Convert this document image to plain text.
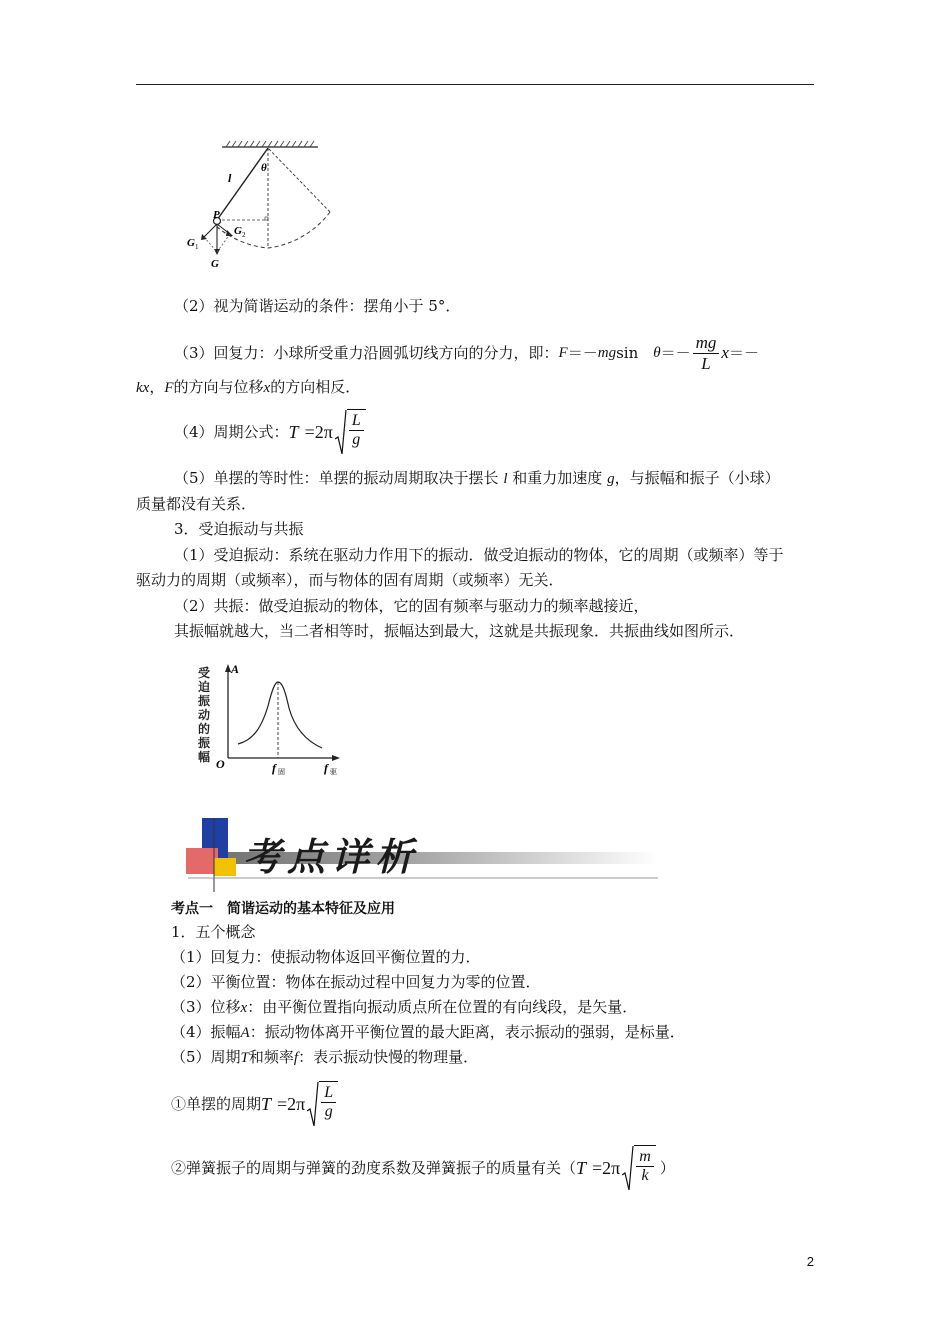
θ
l
P
G 1
G 2
G
（2）视为简谐运动的条件：摆角小于 5°．
（3）回复力：小球所受重力沿圆弧切线方向的分力，即： F ＝－ mg sin　 $\theta =- \frac{mg}{L}$ x ＝－
kx，F的方向与位移x的方向相反．
（4）周期公式： $T =2\pi \frac{L}{g}$
（5）单摆的等时性：单摆的振动周期取决于摆长 l 和重力加速度 g，与振幅和振子（小球）
质量都没有关系．
3．受迫振动与共振
（1）受迫振动：系统在驱动力作用下的振动．做受迫振动的物体，它的周期（或频率）等于
驱动力的周期（或频率），而与物体的固有周期（或频率）无关．
（2）共振：做受迫振动的物体，它的固有频率与驱动力的频率越接近，
其振幅就越大，当二者相等时，振幅达到最大，这就是共振现象．共振曲线如图所示．
受
迫
振
动
的
振
幅
A
O	f 固	f 驱
考点详析
考点一　简谐运动的基本特征及应用
1．五个概念
（1）回复力：使振动物体返回平衡位置的力．
（2）平衡位置：物体在振动过程中回复力为零的位置．
（3）位移x：由平衡位置指向振动质点所在位置的有向线段，是矢量．
（4）振幅A：振动物体离开平衡位置的最大距离，表示振动的强弱，是标量．
（5）周期T和频率f：表示振动快慢的物理量．
①单摆的周期 $T =2\pi \frac{L}{g}$
②弹簧振子的周期与弹簧的劲度系数及弹簧振子的质量有关（ $T =2\pi \frac{m}{k}$ ）
2
